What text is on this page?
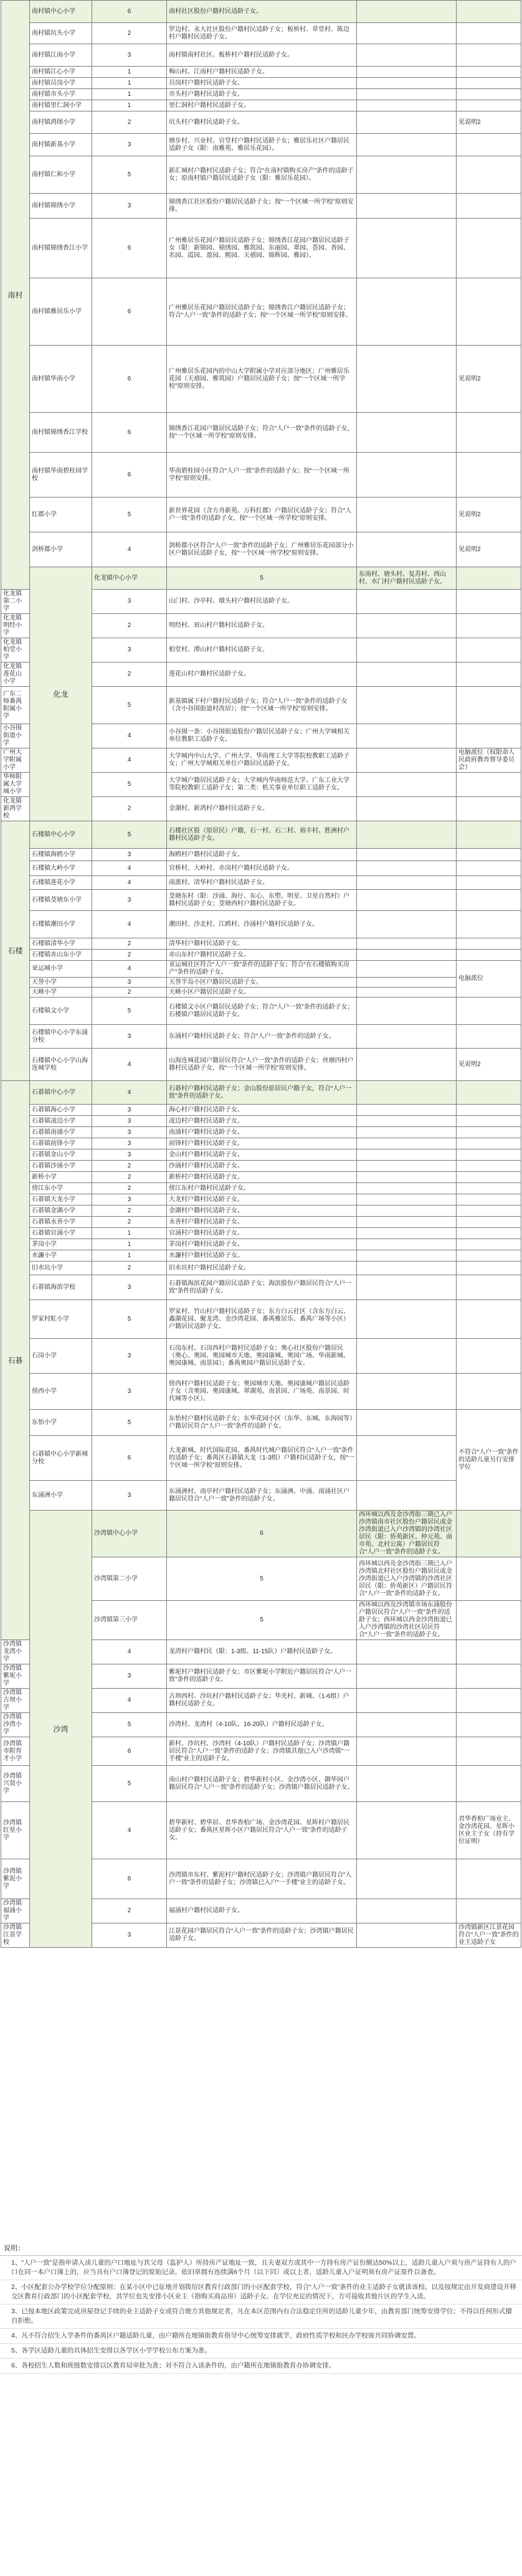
南村	南村镇中心小学	6	南村社区股份户籍村民适龄子女。			
	南村镇坑头小学	2	罗边村、永大社区股份户籍村民适龄子女；板桥村、草堂村、陈边村户籍村民适龄子女。			
	南村镇江南小学	3	南村镇南村社区、板桥村户籍村民适龄子女。			
	南村镇江心小学	1	梅山村、江南村户籍村民适龄子女。			
	南村镇员岗小学	1	员岗村户籍村民适龄子女。			
	南村镇市头小学	1	市头村户籍村民适龄子女。			
	南村镇里仁洞小学	1	里仁洞村户籍村民适龄子女。			
	南村镇鸿图小学	2	坑头村户籍村民适龄子女。		见说明2	
	南村镇新基小学	3	塘步村、兴业村、官堂村户籍村民适龄子女；雅居乐社区户籍居民适龄子女（限：南雅苑、雅居乐花园）。			
	南村镇仁和小学	5	新汇城村户籍村民适龄子女；符合“在南村镇购买房产”条件的适龄子女；原南村镇户籍居民适龄子女（限：雅居乐花园）。			
	南村镇锦绣小学	3	锦绣香江社区股份户籍居民适龄子女；按“一个区域一所学校”原则安排。			
	南村镇锦绣香江小学	6	广州雅居乐花园户籍居民适龄子女；锦绣香江花园户籍居民适龄子女（限：新锦园、锦绣园、雅筑园、东丽园、翠园、荟园、香园、名园、霞园、盈园、熙园、天禧园、锦辉园、雅园）。			
	南村镇雅居乐小学	6	广州雅居乐花园户籍居民适龄子女；锦绣香江户籍居民适龄子女；符合“人户一致”条件的适龄子女；按“一个区域一所学校”原则安排。			
	南村镇华南小学	6	广州雅居乐花园内的中山大学附属小学对应部分地区；广州雅居乐花园（天禧园、雅筑园）户籍居民适龄子女；按“一个区域一所学校”原则安排。		见说明2	
	南村镇锦绣香江学校	6	锦绣香江花园户籍居民适龄子女；符合“人户一致”条件的适龄子女，按“一个区域一所学校”原则安排。			
	南村镇华南碧桂园学校	6	华南碧桂园小区符合“人户一致”条件的适龄子女；按“一个区域一所学校”原则安排。			
	红郡小学	5	新世界花园（含方舟新苑、万科红郡）户籍居民适龄子女；符合“人户一致”条件的适龄子女，按“一个区域一所学校”原则安排。		见说明2	
	剑桥郡小学	4	剑桥郡小区符合“人户一致”条件的适龄子女；广州雅居乐花园部分小区户籍居民适龄子女，按“一个区域一所学校”原则安排。		见说明2	
	化龙	化龙镇中心小学	5	东南村、塘头村、复苏村、西山村、水门村户籍村民适龄子女。		
化龙镇第二小学		3	山门村、沙亭村、墩头村户籍村民适龄子女。			
化龙镇明经小学		2	明经村、眉山村户籍村民适龄子女。			
化龙镇柏堂小学		3	柏堂村、潭山村户籍村民适龄子女。			
化龙镇莲花山小学		2	莲花山村户籍村民适龄子女。			
广东二师番禺附属小学		5	新基镇属下村户籍村民适龄子女；符合“人户一致”条件的适龄子女（含小谷围街道村改居）；按“一个区域一所学校”原则安排。			
小谷围街道小学		4	小谷围一条：小谷围街道股份户籍居民适龄子女；广州大学城相关单位教职工适龄子女。			
广州大学附属小学		4	大学城内中山大学、广州大学、华南理工大学等院校教职工适龄子女；广州大学城相关单位户籍居民适龄子女。		电脑派位（权限命人民政府教育督导委员会）	
华师附属大学城小学		5	大学城户籍居民适龄子女；大学城内华南师范大学、广东工业大学等院校教职工适龄子女；第二类：机关事业单位职工适龄子女。			
化龙镇新鸿学校		2	金湖村、新鸿村户籍村民适龄子女。			
石楼	石楼镇中心小学	5	石楼社区股（原居民）户籍，石一村、石二村、裕丰村、胜洲村户籍村民适龄子女。			
	石楼镇海鸥小学	3	海鸥村户籍村民适龄子女。			
	石楼镇大岭小学	4	官桥村、大岭村、赤岗村户籍村民适龄子女。			
	石楼镇莲花小学	4	南派村、清华村户籍村民适龄子女。			
	石楼镇茭塘东小学	3	茭塘东村（限：沙涌、海仔、东心、东塱、明星、卫星自然村）户籍村民适龄子女；茭塘西村户籍村民适龄子女。			
	石楼镇潮田小学	4	潮田村、沙北村、江鸥村、沙涌村户籍村民适龄子女。			
	石楼镇清华小学	2	清华村户籍村民适龄子女。			
	石楼镇赤山东小学	2	赤山东村户籍村民适龄子女。			
	亚运城小学	4	亚运城社区符合“人户一致”条件的适龄子女；符合“在石楼镇购买房产”条件的适龄子女。		电脑派位	
	天誉小学	3	天誉半岛小区户籍居民适龄子女。			
	天峰小学	2	天峰小区户籍居民适龄子女。			
	石楼镇文小学	5	石楼镇文小区户籍居民适龄子女；符合“人户一致”条件的适龄子女；石楼镇户籍居民适龄子女。			
	石楼镇中心小学东涌分校	3	东涌村户籍村民适龄子女；符合“人户一致”条件的适龄子女。			
	石楼镇中心小学山海连城学校	4	山海连城花园户籍居民符合“人户一致”条件的适龄子女；丝塘四村户籍村民适龄子女，按“一个区域一所学校”原则安排。		见说明2	
石碁	石碁镇中心小学	4	石碁村户籍村民适龄子女；金山股份原居民户籍子女，符合“人户一致”条件的适龄子女。			
	石碁镇海心小学	3	海心村户籍村民适龄子女。			
	石碁镇凌边小学	3	凌边村户籍村民适龄子女。			
	石碁镇南浦小学	3	南浦村户籍村民适龄子女。			
	石碁镇前锋小学	3	前锋村户籍村民适龄子女。			
	石碁镇金山小学	3	金山村户籍村民适龄子女。			
	石碁镇沙涌小学	2	沙涌村户籍村民适龄子女。			
	新桥小学	2	新桥村户籍村民适龄子女。			
	傍江东小学	2	傍江东村户籍村民适龄子女。			
	石碁镇大龙小学	3	大龙村户籍村民适龄子女。			
	石碁镇金湖小学	2	金湖村户籍村民适龄子女。			
	石碁镇永善小学	2	永善村户籍村民适龄子女。			
	石碁镇官涌小学	1	官涌村户籍村民适龄子女。			
	茅岗小学	1	茅岗村户籍村民适龄子女。			
	水濂小学	1	水濂村户籍村民适龄子女。			
	旧水坑小学	2	旧水坑村户籍村民适龄子女。			
	石碁镇海滨学校	3	石碁镇海滨花园户籍居民适龄子女；海滨股份户籍居民符合“人户一致”条件的适龄子女。			
	罗家村虹小学	5	罗家村、竹山村户籍村民适龄子女；东方白云社区（含东方白云、鑫湖花园、聚龙湾、金沙湾花园、番禺雅居乐、番禺广场等小区）户籍居民适龄子女。			
	石岗小学	3	石岗东村、石岗西村户籍村民适龄子女；奥心社区股份户籍居民（奥心、奥园、奥园城市天地、奥园康城、奥园广场、华南新城、奥园康城、南景园）；番禺奥园户籍居民适龄子女。			
	傍西小学	3	傍西村户籍村民适龄子女；奥园城市天地、奥园康城户籍居民适龄子女（含奥园、奥园康城、翠湖苑、南景园、广场苑、南景园、时代城等小区）。			
	东怡小学	5	东怡村户籍村民适龄子女；东华花园小区（东华、东城、东海园等）户籍居民符合“人户一致”条件的适龄子女。		不符合“人户一致”条件的适龄儿童另行安排学位	
	石碁镇中心小学新城分校	6	大龙新城、时代国际花园、番禺时代城户籍居民符合“人户一致”条件的适龄子女；番禺区石碁镇大龙（1-3组）户籍村民适龄子女，按“一个区域一所学校”原则安排。			
	东涌洲小学	3	东涌洲村、南亭村户籍村民适龄子女；东涌洲、中涌、南涌社区户籍居民符合“人户一致”条件的适龄子女。			
	沙湾	沙湾镇中心小学	6	西环城以西及金沙湾街三期已入户沙湾镇南市社区股份户籍居民或金沙湾街道已入户沙湾镇的沙湾社区居民（限：侨苑新区、仲元苑、南市苑、北村公寓）户籍居民符合“人户一致”条件的适龄子女。		
		沙湾镇第二小学	5	西环城以西及金沙湾街三期已入户沙湾镇北村社区股份户籍居民或金沙湾街道已入户沙湾镇的沙湾社区居民（限：侨苑新区）户籍居民符合“人户一致”条件的适龄子女。		
		沙湾镇第三小学	5	西环城以西及沙湾镇市场东涌股份户籍居民符合“人户一致”条件的适龄子女；西环城以西金沙湾街道已入户沙湾镇的沙湾社区居民符合“人户一致”条件的适龄子女。		
沙湾镇龙湾小学		4	龙湾村户籍村民（限：1-3组、11-15队）户籍村民适龄子女。			
沙湾镇紫坭小学		3	紫坭村户籍村民适龄子女；市区紫坭小学附近户籍居民符合“人户一致”条件的适龄子女。			
沙湾镇古坝小学		4	古坝西村、沙坑村户籍村民适龄子女；华光村、新城、（1-6组）户籍村民适龄子女。			
沙湾镇沙湾小学		5	沙湾村、龙湾村（4-10队、16-20队）户籍村民适龄子女。			
沙湾镇市附育才小学		6	新村、沙坑村、沙湾村（4-10队）户籍村民适龄子女；沙湾镇户籍居民符合“人户一致”条件的适龄子女；沙湾镇其他已入户沙湾镇“一手楼”业主的适龄子女。			
沙湾镇兴贤小学		5	南山村户籍村民适龄子女；碧华新村小区、金沙湾小区、御华园户籍居民符合“人户一致”条件的适龄子女；沙湾镇户籍居民适龄子女。			
沙湾镇红星小学		4	碧华新村、碧华居、君华香柏广场、金沙湾花园、星晖村户籍居民适龄子女；番禺区星晖小区户籍居民符合“人户一致”条件的适龄子女。		君华香柏广场业主、金沙湾花园、星晖小区业主子女（持有学位证明）	
沙湾镇紫泥小学		6	沙湾镇市东村、紫泥村户籍村民适龄子女；沙湾镇户籍居民符合“人户一致”条件的适龄子女；沙湾镇已入户“一手楼”业主的适龄子女。			
沙湾镇福涌小学		2	福涌村户籍村民适龄子女。			
沙湾镇江景学校		3	江景花园户籍居民符合“人户一致”条件的适龄子女；沙湾镇户籍居民适龄子女。		沙湾镇新区江景花园符合“人户一致”条件的业主适龄子女	
说明：
1、“人户一致”是指申请入读儿童的户口地址与其父母（监护人）所持房产证地址一致，且夫妻双方或其中一方持有房产证份额达50%以上，适龄儿童入户须与房产证持有人的户口在同一本户口簿上的，应当具有户口簿登记的原始记录。依旧章拥有连续满6个月（以下同）或以上者，适龄儿童入户证明须有房产证原件以备查。
2、小区配套公办学校学位分配原则：在某小区中已征地并划拨给区教育行政部门的小区配套学校，符合“人户一致”条件的业主适龄子女就读该校。以及按规定由开发商建设并移交区教育行政部门的小区配套学校，其学位也先安排小区业主（指购买商品房）适龄子女。在学位充足的情况下，方可接收其他片区的学生入读。
3、已按本地区政策完成房屋登记手续的业主适龄子女或符合地方其他规定者，凡在本区范围内有合法稳定住所的适龄儿童少年，由教育部门统筹安排学位；不得以任何形式擅自拒绝。
4、凡不符合招生入学条件的番禺区户籍适龄儿童，由户籍所在地镇街教育指导中心统筹安排就学，政府性质学校和民办学校需共同协调安置。
5、各学区适龄儿童的具体招生安排以各学区小学学校公布方案为准。
6、各校招生人数和班级数安排以区教育局审批为准；对不符合入读条件的，由户籍所在地镇街教育办协调安排。
